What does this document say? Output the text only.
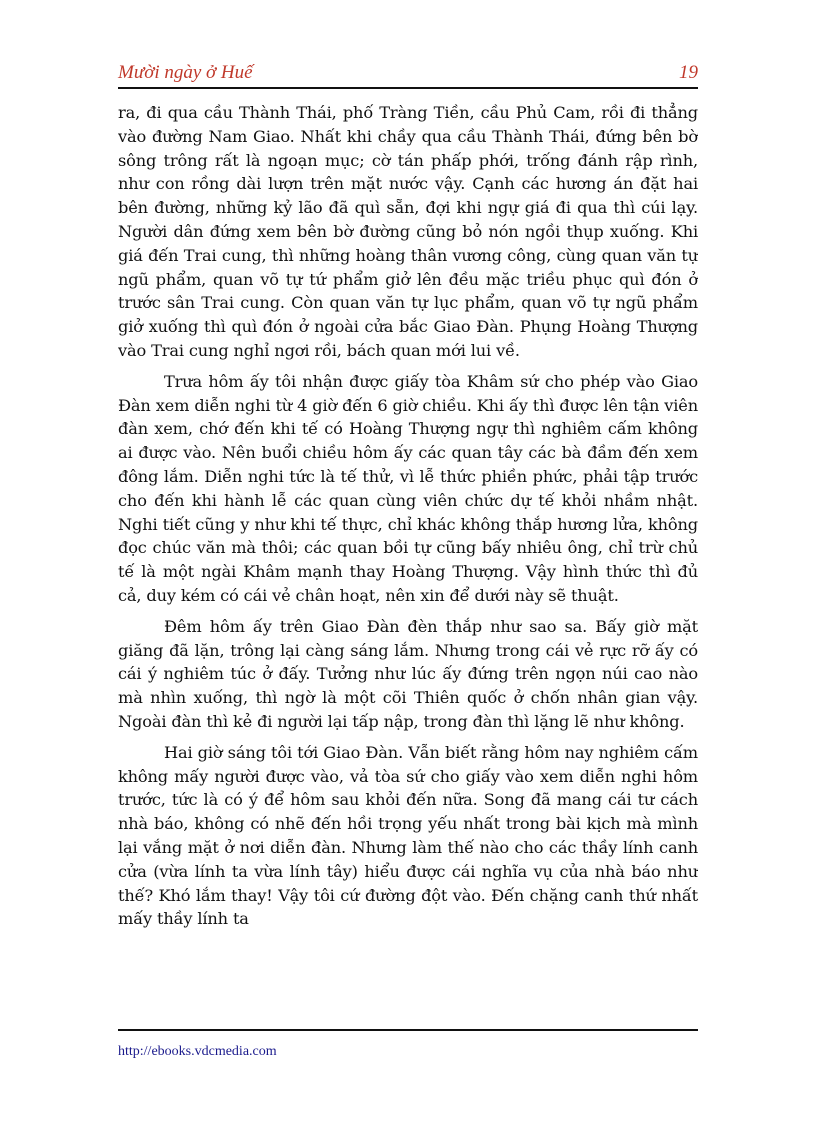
Mười ngày ở Huế	19

ra, đi qua cầu Thành Thái, phố Tràng Tiền, cầu Phủ Cam, rồi đi thẳng vào đường Nam Giao. Nhất khi chầy qua cầu Thành Thái, đứng bên bờ sông trông rất là ngoạn mục; cờ tán phấp phới, trống đánh rập rình, như con rồng dài lượn trên mặt nước vậy. Cạnh các hương án đặt hai bên đường, những kỷ lão đã quì sẵn, đợi khi ngự giá đi qua thì cúi lạy. Người dân đứng xem bên bờ đường cũng bỏ nón ngồi thụp xuống. Khi giá đến Trai cung, thì những hoàng thân vương công, cùng quan văn tự ngũ phẩm, quan võ tự tứ phẩm giở lên đều mặc triều phục quì đón ở trước sân Trai cung. Còn quan văn tự lục phẩm, quan võ tự ngũ phẩm giở xuống thì quì đón ở ngoài cửa bắc Giao Đàn. Phụng Hoàng Thượng vào Trai cung nghỉ ngơi rồi, bách quan mới lui về.

Trưa hôm ấy tôi nhận được giấy tòa Khâm sứ cho phép vào Giao Đàn xem diễn nghi từ 4 giờ đến 6 giờ chiều. Khi ấy thì được lên tận viên đàn xem, chớ đến khi tế có Hoàng Thượng ngự thì nghiêm cấm không ai được vào. Nên buổi chiều hôm ấy các quan tây các bà đầm đến xem đông lắm. Diễn nghi tức là tế thử, vì lễ thức phiền phức, phải tập trước cho đến khi hành lễ các quan cùng viên chức dự tế khỏi nhầm nhật. Nghi tiết cũng y như khi tế thực, chỉ khác không thắp hương lửa, không đọc chúc văn mà thôi; các quan bồi tự cũng bấy nhiêu ông, chỉ trừ chủ tế là một ngài Khâm mạnh thay Hoàng Thượng. Vậy hình thức thì đủ cả, duy kém có cái vẻ chân hoạt, nên xin để dưới này sẽ thuật.

Đêm hôm ấy trên Giao Đàn đèn thắp như sao sa. Bấy giờ mặt giăng đã lặn, trông lại càng sáng lắm. Nhưng trong cái vẻ rực rỡ ấy có cái ý nghiêm túc ở đấy. Tưởng như lúc ấy đứng trên ngọn núi cao nào mà nhìn xuống, thì ngờ là một cõi Thiên quốc ở chốn nhân gian vậy. Ngoài đàn thì kẻ đi người lại tấp nập, trong đàn thì lặng lẽ như không.

Hai giờ sáng tôi tới Giao Đàn. Vẫn biết rằng hôm nay nghiêm cấm không mấy người được vào, vả tòa sứ cho giấy vào xem diễn nghi hôm trước, tức là có ý để hôm sau khỏi đến nữa. Song đã mang cái tư cách nhà báo, không có nhẽ đến hồi trọng yếu nhất trong bài kịch mà mình lại vắng mặt ở nơi diễn đàn. Nhưng làm thế nào cho các thầy lính canh cửa (vừa lính ta vừa lính tây) hiểu được cái nghĩa vụ của nhà báo như thế? Khó lắm thay! Vậy tôi cứ đường đột vào. Đến chặng canh thứ nhất mấy thầy lính ta

http://ebooks.vdcmedia.com
